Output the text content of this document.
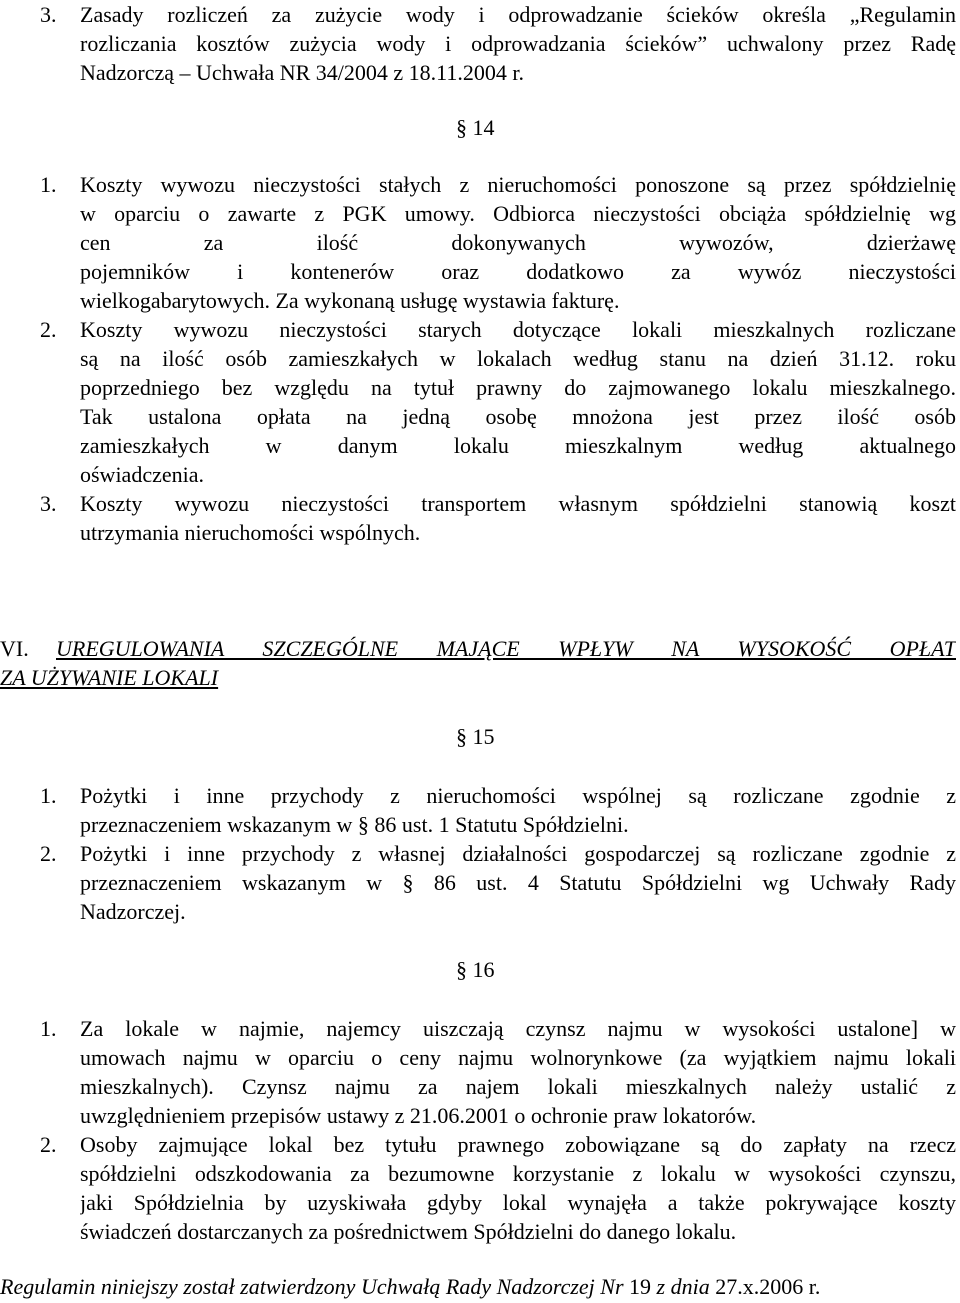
3. Zasady rozliczeń za zużycie wody i odprowadzanie ścieków określa „Regulamin
rozliczania kosztów zużycia wody i odprowadzania ścieków” uchwalony przez Radę
Nadzorczą – Uchwała NR 34/2004 z 18.11.2004 r.
§ 14
1. Koszty wywozu nieczystości stałych z nieruchomości ponoszone są przez spółdzielnię
w oparciu o zawarte z PGK umowy. Odbiorca nieczystości obciąża spółdzielnię wg
cen za ilość dokonywanych wywozów, dzierżawę
pojemników i kontenerów oraz dodatkowo za wywóz nieczystości
wielkogabarytowych. Za wykonaną usługę wystawia fakturę.
2. Koszty wywozu nieczystości starych dotyczące lokali mieszkalnych rozliczane
są na ilość osób zamieszkałych w lokalach według stanu na dzień 31.12. roku
poprzedniego bez względu na tytuł prawny do zajmowanego lokalu mieszkalnego.
Tak ustalona opłata na jedną osobę mnożona jest przez ilość osób
zamieszkałych w danym lokalu mieszkalnym według aktualnego
oświadczenia.
3. Koszty wywozu nieczystości transportem własnym spółdzielni stanowią koszt
utrzymania nieruchomości wspólnych.
VI. UREGULOWANIA SZCZEGÓLNE MAJĄCE WPŁYW NA WYSOKOŚĆ OPŁAT
ZA UŻYWANIE LOKALI
§ 15
1. Pożytki i inne przychody z nieruchomości wspólnej są rozliczane zgodnie z
przeznaczeniem wskazanym w § 86 ust. 1 Statutu Spółdzielni.
2. Pożytki i inne przychody z własnej działalności gospodarczej są rozliczane zgodnie z
przeznaczeniem wskazanym w § 86 ust. 4 Statutu Spółdzielni wg Uchwały Rady
Nadzorczej.
§ 16
1. Za lokale w najmie, najemcy uiszczają czynsz najmu w wysokości ustalone] w
umowach najmu w oparciu o ceny najmu wolnorynkowe (za wyjątkiem najmu lokali
mieszkalnych). Czynsz najmu za najem lokali mieszkalnych należy ustalić z
uwzględnieniem przepisów ustawy z 21.06.2001 o ochronie praw lokatorów.
2. Osoby zajmujące lokal bez tytułu prawnego zobowiązane są do zapłaty na rzecz
spółdzielni odszkodowania za bezumowne korzystanie z lokalu w wysokości czynszu,
jaki Spółdzielnia by uzyskiwała gdyby lokal wynajęła a także pokrywające koszty
świadczeń dostarczanych za pośrednictwem Spółdzielni do danego lokalu.
Regulamin niniejszy został zatwierdzony Uchwałą Rady Nadzorczej Nr 19 z dnia 27.x.2006 r.
